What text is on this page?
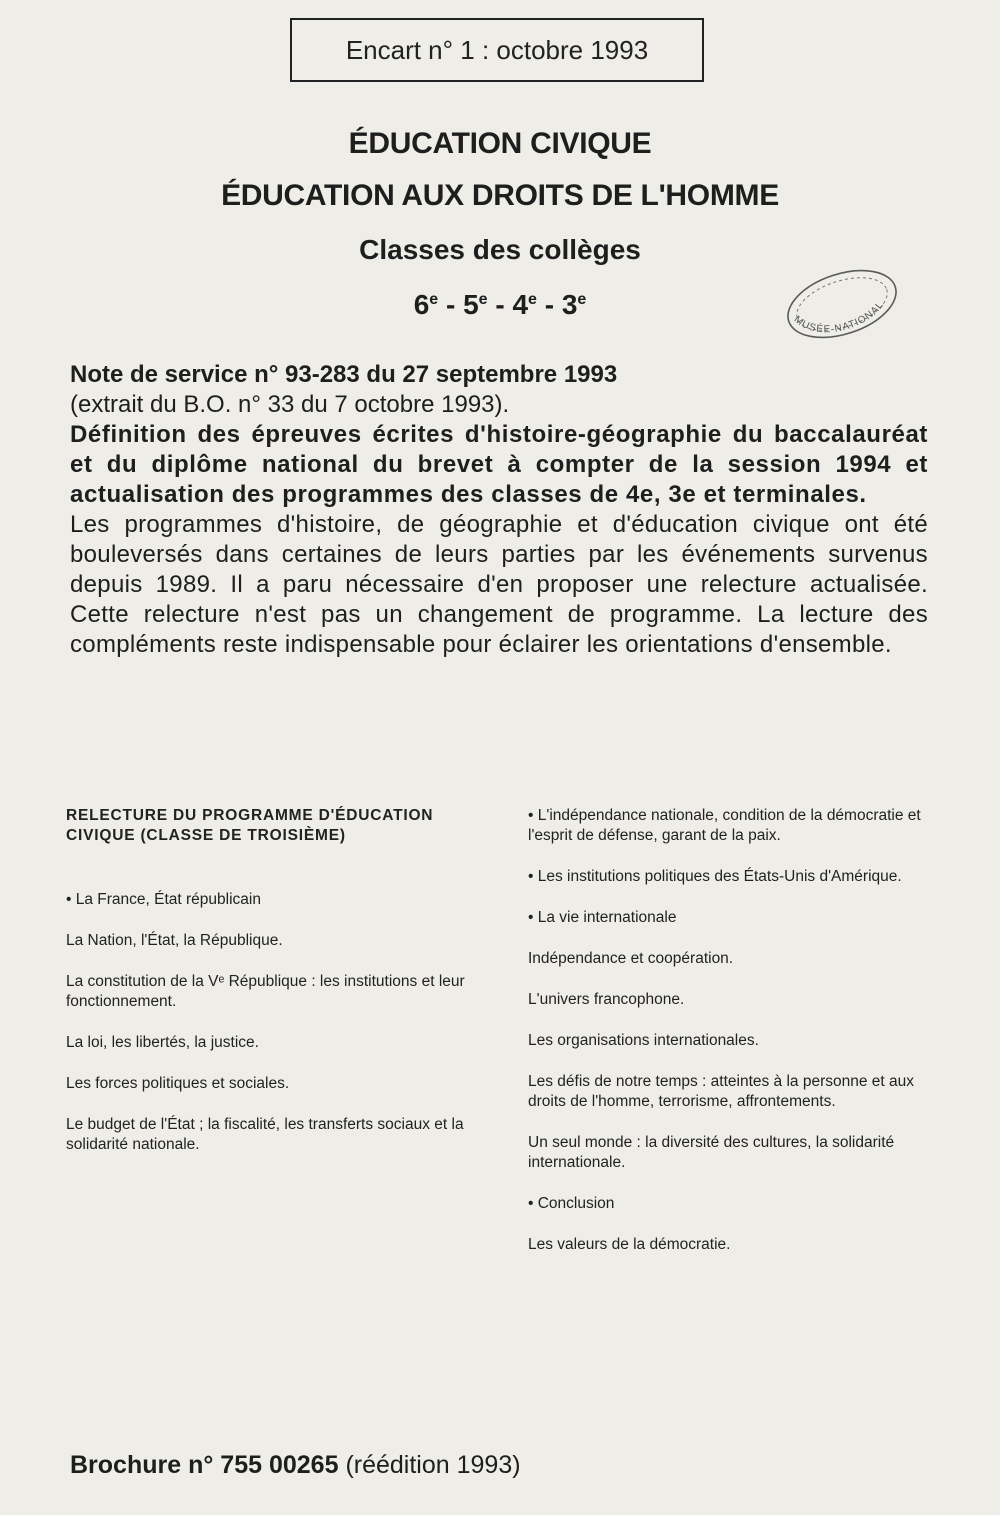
Encart n° 1 : octobre 1993
ÉDUCATION CIVIQUE
ÉDUCATION AUX DROITS DE L'HOMME
Classes des collèges
6e - 5e - 4e - 3e
MUSÉE NATIONAL
Note de service n° 93-283 du 27 septembre 1993
(extrait du B.O. n° 33 du 7 octobre 1993).
Définition des épreuves écrites d'histoire-géographie du baccalauréat et du diplôme national du brevet à compter de la session 1994 et actualisation des programmes des classes de 4e, 3e et terminales.
Les programmes d'histoire, de géographie et d'éducation civique ont été bouleversés dans certaines de leurs parties par les événements survenus depuis 1989. Il a paru nécessaire d'en proposer une relecture actualisée. Cette relecture n'est pas un changement de programme. La lecture des compléments reste indispensable pour éclairer les orientations d'ensemble.

RELECTURE DU PROGRAMME D'ÉDUCATION CIVIQUE (CLASSE DE TROISIÈME)

• La France, État républicain

La Nation, l'État, la République.

La constitution de la Vᵉ République : les institutions et leur fonctionnement.

La loi, les libertés, la justice.

Les forces politiques et sociales.

Le budget de l'État ; la fiscalité, les transferts sociaux et la solidarité nationale.

• L'indépendance nationale, condition de la démocratie et l'esprit de défense, garant de la paix.

• Les institutions politiques des États-Unis d'Amérique.

• La vie internationale

Indépendance et coopération.

L'univers francophone.

Les organisations internationales.

Les défis de notre temps : atteintes à la personne et aux droits de l'homme, terrorisme, affrontements.

Un seul monde : la diversité des cultures, la solidarité internationale.

• Conclusion

Les valeurs de la démocratie.

Brochure n° 755 00265 (réédition 1993)
